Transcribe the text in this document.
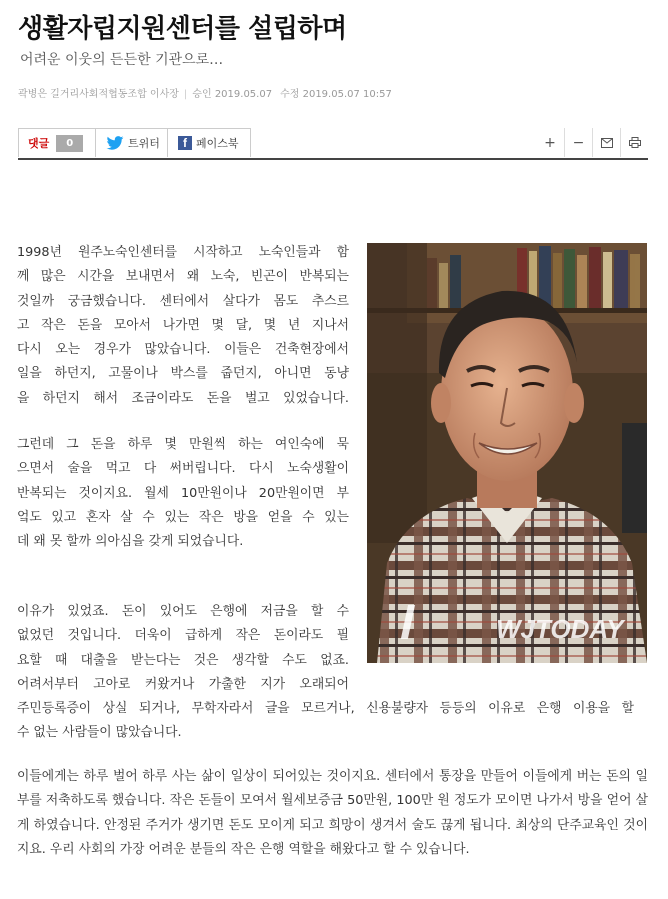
생활자립지원센터를 설립하며
어려운 이웃의 든든한 기관으로…
곽병은 길거리사회적협동조합 이사장 | 승인 2019.05.07 수정 2019.05.07 10:57
댓글	0	트위터	f 페이스북	+	−
WJTODAY
1998년 원주노숙인센터를 시작하고 노숙인들과 함
께 많은 시간을 보내면서 왜 노숙, 빈곤이 반복되는
것일까 궁금했습니다. 센터에서 살다가 몸도 추스르
고 작은 돈을 모아서 나가면 몇 달, 몇 년 지나서
다시 오는 경우가 많았습니다. 이들은 건축현장에서
일을 하던지, 고물이나 박스를 줍던지, 아니면 동냥
을 하던지 해서 조금이라도 돈을 벌고 있었습니다.
그런데 그 돈을 하루 몇 만원씩 하는 여인숙에 묵
으면서 술을 먹고 다 써버립니다. 다시 노숙생활이
반복되는 것이지요. 월세 10만원이나 20만원이면 부
엌도 있고 혼자 살 수 있는 작은 방을 얻을 수 있는
데 왜 못 할까 의아심을 갖게 되었습니다.
이유가 있었죠. 돈이 있어도 은행에 저금을 할 수
없었던 것입니다. 더욱이 급하게 작은 돈이라도 필
요할 때 대출을 받는다는 것은 생각할 수도 없죠.
어려서부터 고아로 커왔거나 가출한 지가 오래되어
주민등록증이 상실 되거나, 무학자라서 글을 모르거나, 신용불량자 등등의 이유로 은행 이용을 할
수 없는 사람들이 많았습니다.

이들에게는 하루 벌어 하루 사는 삶이 일상이 되어있는 것이지요. 센터에서 통장을 만들어 이들에게 버는 돈의 일부를 저축하도록 했습니다. 작은 돈들이 모여서 월세보증금 50만원, 100만 원 정도가 모이면 나가서 방을 얻어 살게 하였습니다. 안정된 주거가 생기면 돈도 모이게 되고 희망이 생겨서 술도 끊게 됩니다. 최상의 단주교육인 것이지요. 우리 사회의 가장 어려운 분들의 작은 은행 역할을 해왔다고 할 수 있습니다.
